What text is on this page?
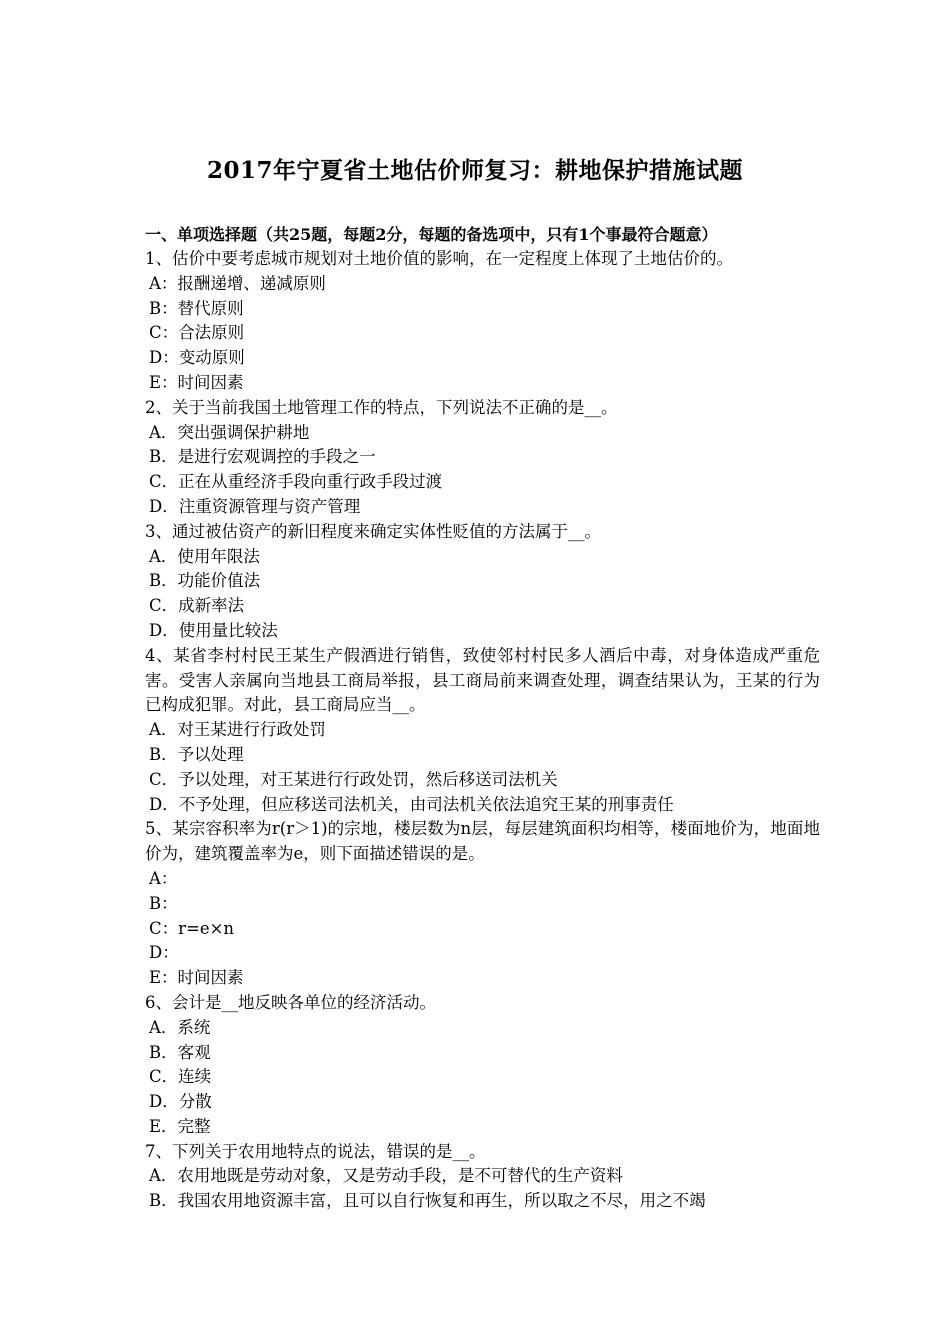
2017年宁夏省土地估价师复习：耕地保护措施试题
一、单项选择题（共25题，每题2分，每题的备选项中，只有1个事最符合题意）
1、估价中要考虑城市规划对土地价值的影响，在一定程度上体现了土地估价的。
A：报酬递增、递减原则
B：替代原则
C：合法原则
D：变动原则
E：时间因素
2、关于当前我国土地管理工作的特点，下列说法不正确的是__。
A．突出强调保护耕地
B．是进行宏观调控的手段之一
C．正在从重经济手段向重行政手段过渡
D．注重资源管理与资产管理
3、通过被估资产的新旧程度来确定实体性贬值的方法属于__。
A．使用年限法
B．功能价值法
C．成新率法
D．使用量比较法
4、某省李村村民王某生产假酒进行销售，致使邻村村民多人酒后中毒，对身体造成严重危害。受害人亲属向当地县工商局举报，县工商局前来调查处理，调查结果认为，王某的行为已构成犯罪。对此，县工商局应当__。
A．对王某进行行政处罚
B．予以处理
C．予以处理，对王某进行行政处罚，然后移送司法机关
D．不予处理，但应移送司法机关，由司法机关依法追究王某的刑事责任
5、某宗容积率为r(r＞1)的宗地，楼层数为n层，每层建筑面积均相等，楼面地价为，地面地价为，建筑覆盖率为e，则下面描述错误的是。
A：
B：
C：r=e×n
D：
E：时间因素
6、会计是__地反映各单位的经济活动。
A．系统
B．客观
C．连续
D．分散
E．完整
7、下列关于农用地特点的说法，错误的是__。
A．农用地既是劳动对象，又是劳动手段，是不可替代的生产资料
B．我国农用地资源丰富，且可以自行恢复和再生，所以取之不尽，用之不竭
